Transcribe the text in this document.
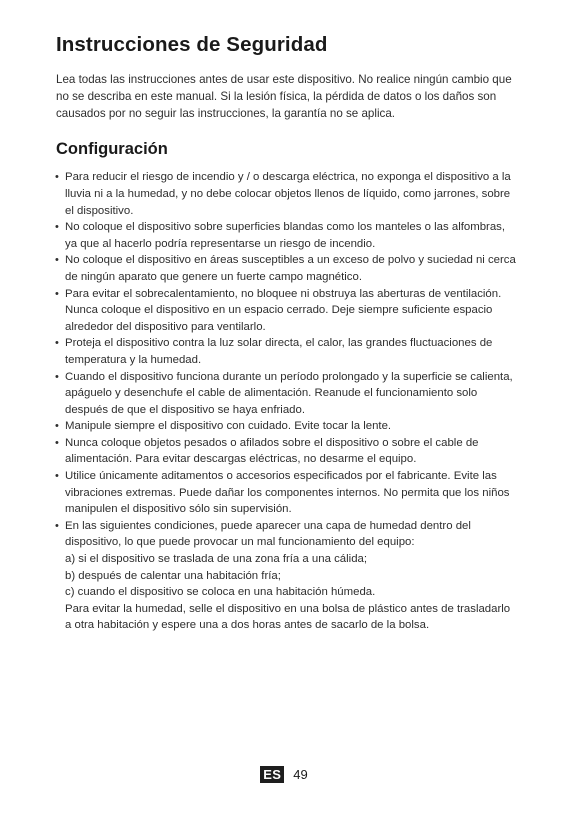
Instrucciones de Seguridad

Lea todas las instrucciones antes de usar este dispositivo. No realice ningún cambio que no se describa en este manual. Si la lesión física, la pérdida de datos o los daños son causados por no seguir las instrucciones, la garantía no se aplica.

Configuración
• Para reducir el riesgo de incendio y / o descarga eléctrica, no exponga el dispositivo a la lluvia ni a la humedad, y no debe colocar objetos llenos de líquido, como jarrones, sobre el dispositivo.
• No coloque el dispositivo sobre superficies blandas como los manteles o las alfombras, ya que al hacerlo podría representarse un riesgo de incendio.
• No coloque el dispositivo en áreas susceptibles a un exceso de polvo y suciedad ni cerca de ningún aparato que genere un fuerte campo magnético.
• Para evitar el sobrecalentamiento, no bloquee ni obstruya las aberturas de ventilación. Nunca coloque el dispositivo en un espacio cerrado. Deje siempre suficiente espacio alrededor del dispositivo para ventilarlo.
• Proteja el dispositivo contra la luz solar directa, el calor, las grandes fluctuaciones de temperatura y la humedad.
• Cuando el dispositivo funciona durante un período prolongado y la superficie se calienta, apáguelo y desenchufe el cable de alimentación. Reanude el funcionamiento solo después de que el dispositivo se haya enfriado.
• Manipule siempre el dispositivo con cuidado. Evite tocar la lente.
• Nunca coloque objetos pesados o afilados sobre el dispositivo o sobre el cable de alimentación. Para evitar descargas eléctricas, no desarme el equipo.
• Utilice únicamente aditamentos o accesorios especificados por el fabricante. Evite las vibraciones extremas. Puede dañar los componentes internos. No permita que los niños manipulen el dispositivo sólo sin supervisión.
• En las siguientes condiciones, puede aparecer una capa de humedad dentro del dispositivo, lo que puede provocar un mal funcionamiento del equipo:
a) si el dispositivo se traslada de una zona fría a una cálida;
b) después de calentar una habitación fría;
c) cuando el dispositivo se coloca en una habitación húmeda.
Para evitar la humedad, selle el dispositivo en una bolsa de plástico antes de trasladarlo a otra habitación y espere una a dos horas antes de sacarlo de la bolsa.
ES 49
